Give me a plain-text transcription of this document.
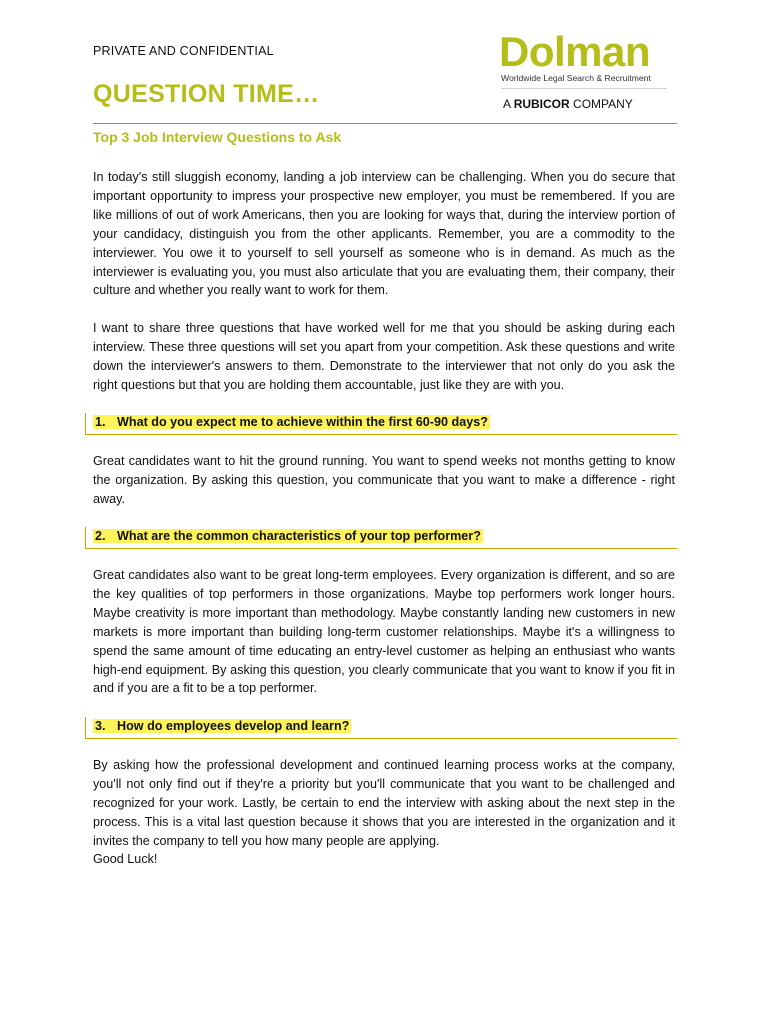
PRIVATE AND CONFIDENTIAL
QUESTION TIME…
Dolman
Worldwide Legal Search & Recruitment
A RUBICOR COMPANY
Top 3 Job Interview Questions to Ask

In today's still sluggish economy, landing a job interview can be challenging. When you do secure that important opportunity to impress your prospective new employer, you must be remembered. If you are like millions of out of work Americans, then you are looking for ways that, during the interview portion of your candidacy, distinguish you from the other applicants. Remember, you are a commodity to the interviewer. You owe it to yourself to sell yourself as someone who is in demand. As much as the interviewer is evaluating you, you must also articulate that you are evaluating them, their company, their culture and whether you really want to work for them.

I want to share three questions that have worked well for me that you should be asking during each interview. These three questions will set you apart from your competition. Ask these questions and write down the interviewer's answers to them. Demonstrate to the interviewer that not only do you ask the right questions but that you are holding them accountable, just like they are with you.

1. What do you expect me to achieve within the first 60-90 days?

Great candidates want to hit the ground running. You want to spend weeks not months getting to know the organization. By asking this question, you communicate that you want to make a difference - right away.

2. What are the common characteristics of your top performer?

Great candidates also want to be great long-term employees. Every organization is different, and so are the key qualities of top performers in those organizations. Maybe top performers work longer hours. Maybe creativity is more important than methodology. Maybe constantly landing new customers in new markets is more important than building long-term customer relationships. Maybe it's a willingness to spend the same amount of time educating an entry-level customer as helping an enthusiast who wants high-end equipment. By asking this question, you clearly communicate that you want to know if you fit in and if you are a fit to be a top performer.

3. How do employees develop and learn?

By asking how the professional development and continued learning process works at the company, you'll not only find out if they're a priority but you'll communicate that you want to be challenged and recognized for your work. Lastly, be certain to end the interview with asking about the next step in the process. This is a vital last question because it shows that you are interested in the organization and it invites the company to tell you how many people are applying.

Good Luck!
